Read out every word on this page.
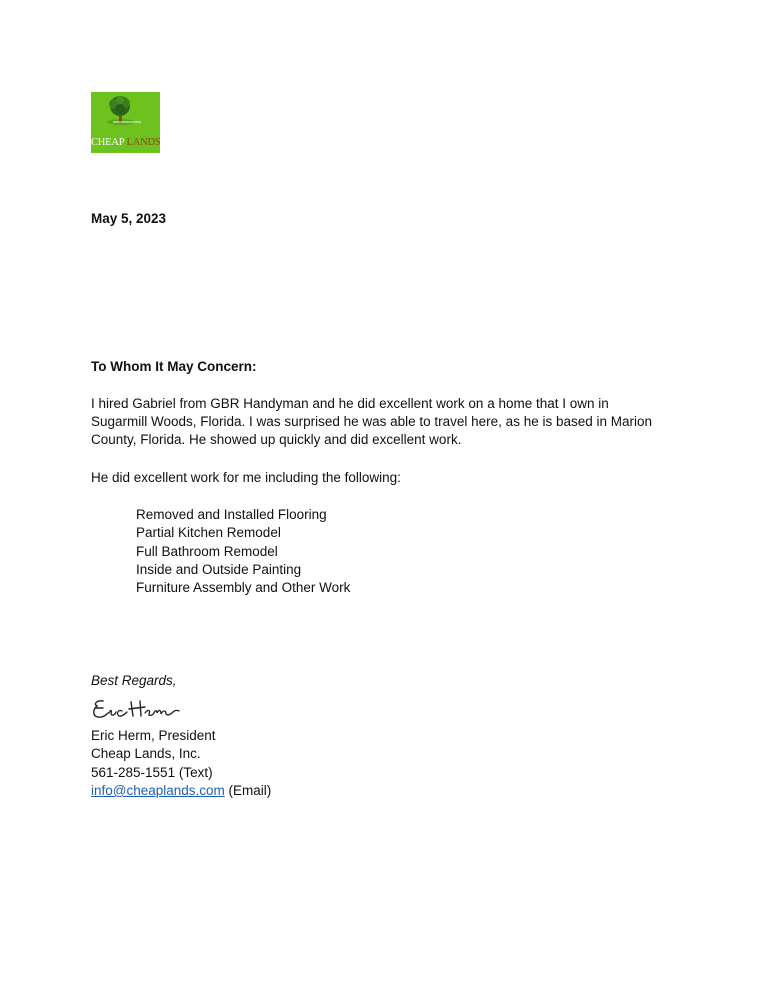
CHEAP LANDS
May 5, 2023
To Whom It May Concern:
I hired Gabriel from GBR Handyman and he did excellent work on a home that I own in
Sugarmill Woods, Florida. I was surprised he was able to travel here, as he is based in Marion
County, Florida. He showed up quickly and did excellent work.
He did excellent work for me including the following:
Removed and Installed Flooring
Partial Kitchen Remodel
Full Bathroom Remodel
Inside and Outside Painting
Furniture Assembly and Other Work
Best Regards,
Eric Herm, President
Cheap Lands, Inc.
561-285-1551 (Text)
info@cheaplands.com (Email)
